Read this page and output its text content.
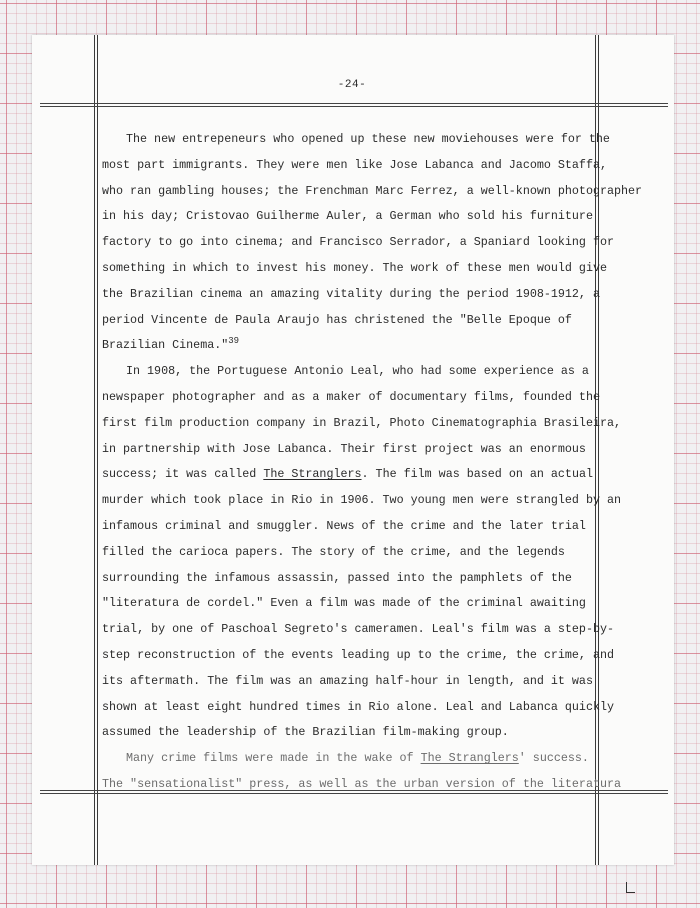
-24-
The new entrepeneurs who opened up these new moviehouses were for the
most part immigrants. They were men like Jose Labanca and Jacomo Staffa,
who ran gambling houses; the Frenchman Marc Ferrez, a well-known photographer
in his day; Cristovao Guilherme Auler, a German who sold his furniture
factory to go into cinema; and Francisco Serrador, a Spaniard looking for
something in which to invest his money. The work of these men would give
the Brazilian cinema an amazing vitality during the period 1908-1912, a
period Vincente de Paula Araujo has christened the "Belle Epoque of
Brazilian Cinema."$^{39}$
In 1908, the Portuguese Antonio Leal, who had some experience as a
newspaper photographer and as a maker of documentary films, founded the
first film production company in Brazil, Photo Cinematographia Brasileira,
in partnership with Jose Labanca. Their first project was an enormous
success; it was called The Stranglers. The film was based on an actual
murder which took place in Rio in 1906. Two young men were strangled by an
infamous criminal and smuggler. News of the crime and the later trial
filled the carioca papers. The story of the crime, and the legends
surrounding the infamous assassin, passed into the pamphlets of the
"literatura de cordel." Even a film was made of the criminal awaiting
trial, by one of Paschoal Segreto's cameramen. Leal's film was a step-by-
step reconstruction of the events leading up to the crime, the crime, and
its aftermath. The film was an amazing half-hour in length, and it was
shown at least eight hundred times in Rio alone. Leal and Labanca quickly
assumed the leadership of the Brazilian film-making group.
Many crime films were made in the wake of The Stranglers' success.
The "sensationalist" press, as well as the urban version of the literatura
